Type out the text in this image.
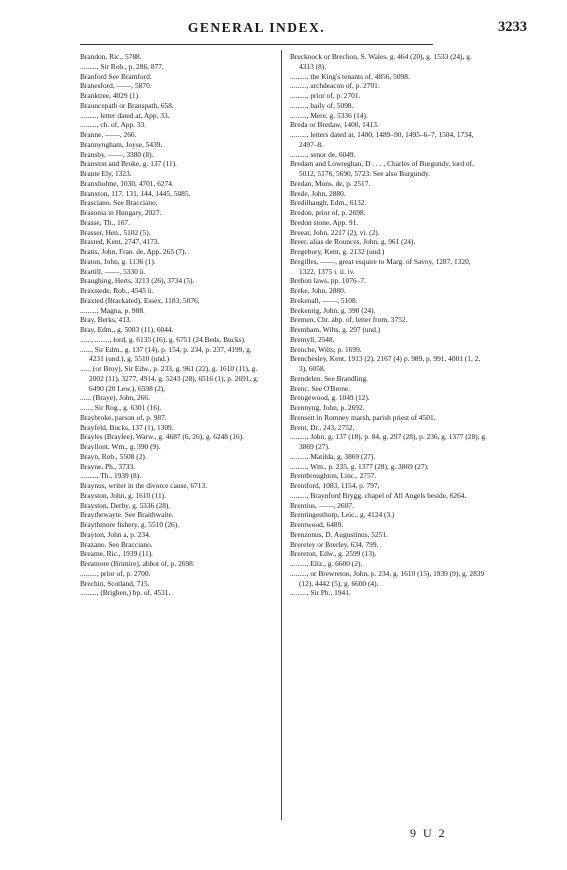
GENERAL INDEX.	3233
Brandon, Ric., 5788.
........., Sir Rob., p. 286, 877.
Branford See Bramford.
Branesford, ——, 5870.
Branktree, 4029 (1).
Brauncepath or Branspath, 658.
........., letter dated at, App. 33.
........., ch. of, App. 33.
Branne, ——, 266.
Brannyngham, Joyse, 5439.
Bransby, ——, 3380 (8).
Branston and Broke, g. 137 (11).
Brante Ely, 1323.
Branxholme, 1030, 4701, 6274.
Branxton, 117, 131, 144, 1445, 5085.
Brasciano. See Bracciano.
Brasonia in Hungary, 2027.
Brasse, Th., 167.
Brasser, Hen., 5102 (5).
Brasted, Kent, 2747, 4173.
Bratis, John, Fran. de, App. 265 (7).
Braton, John, g. 1136 (1).
Brattill, ——, 5330 ii.
Braughing, Herts, 3213 (26), 3734 (5).
Braxstede, Rob., 4545 ii.
Braxted (Brackated), Essex, 1183, 5076.
........., Magna, p. 988.
Bray, Berks, 413.
Bray, Edm., g. 5083 (11), 6044.
......, ........, lord, g. 6135 (16), g. 6751 (24 Beds, Bucks).
......, Sir Edm., g. 137 (14), p. 154, p. 234, p. 237, 4199, g. 4231 (und.), g. 5510 (und.)
...... (or Broy), Sir Edw., p. 233, g. 961 (22), g. 1610 (11), g. 2002 (11), 3277, 4914, g. 5243 (28), 6516 (1), p. 2691, g. 6490 (20 Lew.), 6598 (2),
...... (Braye), John, 266.
......, Sir Rog., g. 6301 (16).
Braybroke, parson of, p. 987.
Brayfeld, Bucks, 137 (1), 1309.
Brayles (Braylee), Warw., g. 4687 (6, 26), g. 6248 (16).
Brayllont, Wm., g. 390 (9).
Brayn, Rob., 5508 (2).
Brayne, Ph., 3733.
........., Th., 1939 (8).
Braynus, writer in the divorce cause, 6713.
Brayston, John, g. 1610 (11).
Brayston, Derby, g. 5336 (28).
Braythewayte. See Braithwaite.
Braythmore fishery, g. 5510 (26).
Brayton, John a, p. 234.
Brazano. See Bracciano.
Breame, Ric., 1939 (11).
Breamore (Brimire), abbot of, p. 2698.
........., prior of, p. 2700.
Brechin, Scotland, 715.
........., (Brighen,) bp. of, 4531.
Brecknock or Brechon, S. Wales, g. 464 (20), g. 1533 (24), g. 4313 (8).
........., the King's tenants of, 4856, 5098.
........., archdeacon of, p. 2701.
........., prior of, p. 2701.
........., baily of, 5098.
........., Mere, g. 5336 (14).
Breda or Bredaw, 1400, 1413.
........., letters dated at, 1400, 1489–90, 1495–6–7, 1504, 1734, 2497–8.
........., senor de, 6049.
Bredam and Lowreghan, D . . . , Charles of Burgundy, lord of, 5012, 5176, 5690, 5723. See also Burgundy.
Bredan, Mons. de, p. 2517.
Brede, John, 2880.
Bredilhaugh, Edm., 6132.
Bredon, prior of, p. 2698.
Bredon stone, App. 91.
Breear, John, 2217 (2), vi. (2).
Breer, alias de Rounces, John, g. 961 (24).
Bregebury, Kent, g. 2132 (und.)
Bregilles, ——, great esquire to Marg. of Savoy, 1287, 1320, 1322, 1375 i. ii. iv.
Brehon laws, pp. 1076–7.
Breke, John, 2880.
Brekenall, ——, 5108.
Brekenrig, John, g. 390 (24).
Bremen, Chr. abp. of, letter from, 3752.
Brembam, Wilts, g. 297 (und.)
Bremyll, 2548.
Brenche, Wilts, p. 1699.
Brenchesley, Kent, 1913 (2), 2167 (4) p. 989, p. 991, 4001 (1, 2, 3), 6058.
Brendelen. See Brandling.
Brenc. See O'Brene.
Brengewood, g. 1049 (12).
Brennyng, John, p. 2692.
Brensett in Romney marsh, parish priest of 4501.
Brent, Dr., 243, 2752.
........., John, g. 137 (18), p. 84, g. 297 (28), p. 236, g. 1377 (28), g. 3869 (27).
........., Matilda, g. 3869 (27).
........., Wm., p. 235, g. 1377 (28), g. 3869 (27).
Brentbroughton, Linc., 2757.
Brentford, 1083, 1154, p. 797,
........., Braynford Brygg. chapel of All Angels beside, 6264.
Brentius, ——, 2607.
Brentingesthorp, Leic., g. 4124 (3.)
Brentwood, 6489.
Brenzonus, D. Augustinus, 5251.
Brereley or Brerley, 634, 799.
Brereton, Edw., g. 2599 (13).
........., Eliz., g. 6600 (2).
........., or Brewreton, John, p. 234, g. 1610 (15), 1939 (9), g. 2839 (12), 4442 (5), g. 6600 (4).
........., Sir Ph., 1941.
9 U 2
